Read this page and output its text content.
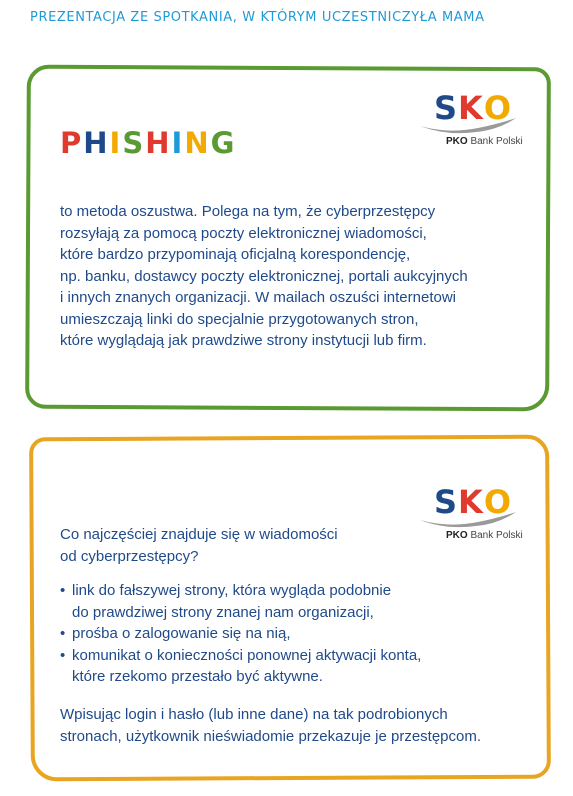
PREZENTACJA ZE SPOTKANIA, W KTÓRYM UCZESTNICZYŁA MAMA
PHISHING
SKO
PKO Bank Polski
to metoda oszustwa. Polega na tym, że cyberprzestępcy
rozsyłają za pomocą poczty elektronicznej wiadomości,
które bardzo przypominają oficjalną korespondencję,
np. banku, dostawcy poczty elektronicznej, portali aukcyjnych
i innych znanych organizacji. W mailach oszuści internetowi
umieszczają linki do specjalnie przygotowanych stron,
które wyglądają jak prawdziwe strony instytucji lub firm.
SKO
PKO Bank Polski
Co najczęściej znajduje się w wiadomości
od cyberprzestępcy?
• link do fałszywej strony, która wygląda podobnie
do prawdziwej strony znanej nam organizacji,
• prośba o zalogowanie się na nią,
• komunikat o konieczności ponownej aktywacji konta,
które rzekomo przestało być aktywne.
Wpisując login i hasło (lub inne dane) na tak podrobionych
stronach, użytkownik nieświadomie przekazuje je przestępcom.
